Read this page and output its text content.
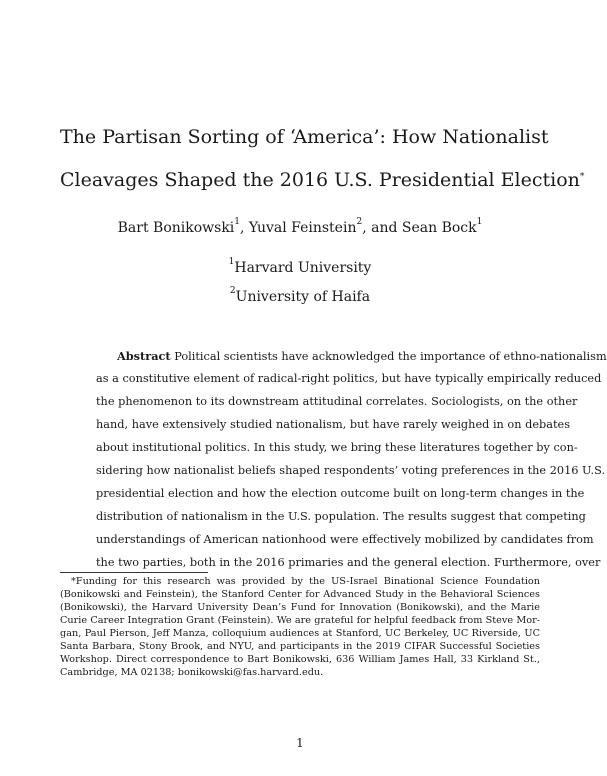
The Partisan Sorting of ‘America’: How Nationalist
Cleavages Shaped the 2016 U.S. Presidential Election*
Bart Bonikowski$^1$, Yuval Feinstein$^2$, and Sean Bock$^1$
$^1$Harvard University
$^2$University of Haifa
Abstract Political scientists have acknowledged the importance of ethno-nationalism
as a constitutive element of radical-right politics, but have typically empirically reduced
the phenomenon to its downstream attitudinal correlates. Sociologists, on the other
hand, have extensively studied nationalism, but have rarely weighed in on debates
about institutional politics. In this study, we bring these literatures together by con-
sidering how nationalist beliefs shaped respondents’ voting preferences in the 2016 U.S.
presidential election and how the election outcome built on long-term changes in the
distribution of nationalism in the U.S. population. The results suggest that competing
understandings of American nationhood were effectively mobilized by candidates from
the two parties, both in the 2016 primaries and the general election. Furthermore, over
*Funding for this research was provided by the US-Israel Binational Science Foundation
(Bonikowski and Feinstein), the Stanford Center for Advanced Study in the Behavioral Sciences
(Bonikowski), the Harvard University Dean’s Fund for Innovation (Bonikowski), and the Marie
Curie Career Integration Grant (Feinstein). We are grateful for helpful feedback from Steve Mor-
gan, Paul Pierson, Jeff Manza, colloquium audiences at Stanford, UC Berkeley, UC Riverside, UC
Santa Barbara, Stony Brook, and NYU, and participants in the 2019 CIFAR Successful Societies
Workshop. Direct correspondence to Bart Bonikowski, 636 William James Hall, 33 Kirkland St.,
Cambridge, MA 02138; bonikowski@fas.harvard.edu.
1
